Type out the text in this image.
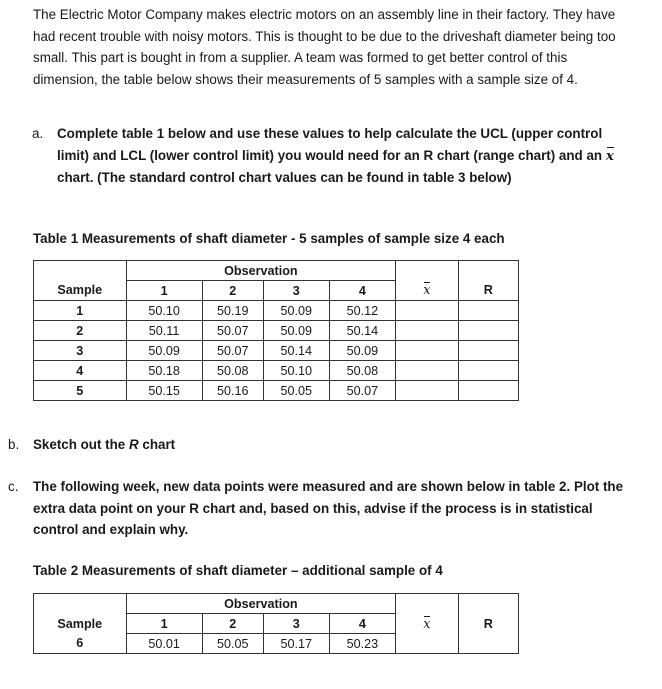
The Electric Motor Company makes electric motors on an assembly line in their factory. They have had recent trouble with noisy motors. This is thought to be due to the driveshaft diameter being too small. This part is bought in from a supplier. A team was formed to get better control of this dimension, the table below shows their measurements of 5 samples with a sample size of 4.

a. Complete table 1 below and use these values to help calculate the UCL (upper control limit) and LCL (lower control limit) you would need for an R chart (range chart) and an x chart. (The standard control chart values can be found in table 3 below)

Table 1 Measurements of shaft diameter - 5 samples of sample size 4 each

	Observation					
Sample	1	2	3	4	x	R
1	50.10	50.19	50.09	50.12		
2	50.11	50.07	50.09	50.14		
3	50.09	50.07	50.14	50.09		
4	50.18	50.08	50.10	50.08		
5	50.15	50.16	50.05	50.07		
b. Sketch out the R chart
c. The following week, new data points were measured and are shown below in table 2. Plot the extra data point on your R chart and, based on this, advise if the process is in statistical control and explain why.

Table 2 Measurements of shaft diameter – additional sample of 4

	Observation					
Sample	1	2	3	4	x	R
6	50.01	50.05	50.17	50.23		
